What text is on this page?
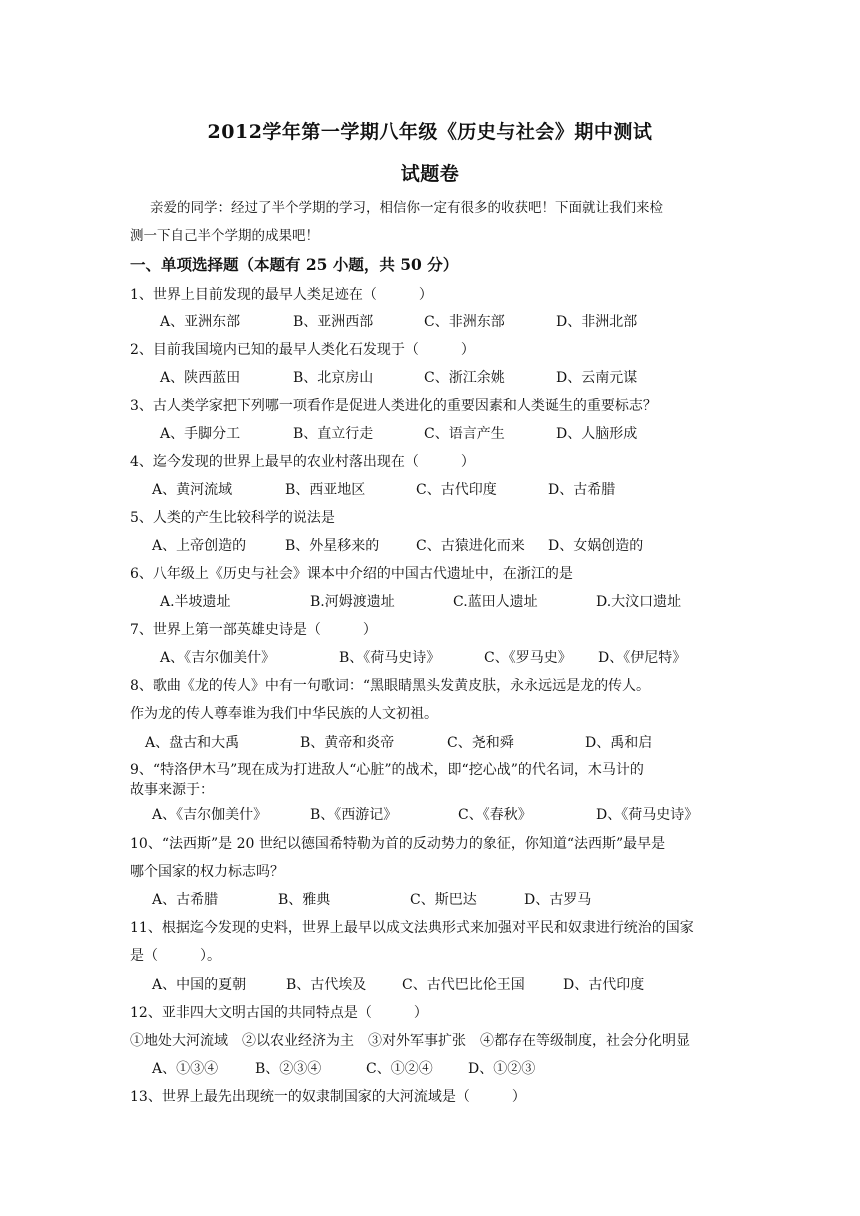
2012学年第一学期八年级《历史与社会》期中测试
试题卷
亲爱的同学：经过了半个学期的学习，相信你一定有很多的收获吧！下面就让我们来检
测一下自己半个学期的成果吧！
一、单项选择题（本题有 25 小题，共 50 分）
1、世界上目前发现的最早人类足迹在（　　　）
A、亚洲东部	B、亚洲西部	C、非洲东部	D、非洲北部
2、目前我国境内已知的最早人类化石发现于（　　　）
A、陕西蓝田	B、北京房山	C、浙江余姚	D、云南元谋
3、古人类学家把下列哪一项看作是促进人类进化的重要因素和人类诞生的重要标志？
A、手脚分工	B、直立行走	C、语言产生	D、人脑形成
4、迄今发现的世界上最早的农业村落出现在（　　　）
A、黄河流域	B、西亚地区	C、古代印度	D、古希腊
5、人类的产生比较科学的说法是
A、上帝创造的	B、外星移来的	C、古猿进化而来 D、女娲创造的
6、八年级上《历史与社会》课本中介绍的中国古代遗址中，在浙江的是
A.半坡遗址	B.河姆渡遗址	C.蓝田人遗址	D.大汶口遗址
7、世界上第一部英雄史诗是（　　　）
A、《吉尔伽美什》	B、《荷马史诗》	C、《罗马史》 D、《伊尼特》
8、歌曲《龙的传人》中有一句歌词：“黑眼睛黑头发黄皮肤，永永远远是龙的传人。
作为龙的传人尊奉谁为我们中华民族的人文初祖。
A、盘古和大禹	B、黄帝和炎帝	C、尧和舜	D、禹和启
9、“特洛伊木马”现在成为打进敌人“心脏”的战术，即“挖心战”的代名词，木马计的
故事来源于：
A、《吉尔伽美什》	B、《西游记》	C、《春秋》	D、《荷马史诗》
10、“法西斯”是 20 世纪以德国希特勒为首的反动势力的象征，你知道“法西斯”最早是
哪个国家的权力标志吗？
A、古希腊	B、雅典	C、斯巴达	D、古罗马
11、根据迄今发现的史料，世界上最早以成文法典形式来加强对平民和奴隶进行统治的国家
是（　　　）。
A、中国的夏朝	B、古代埃及	C、古代巴比伦王国	D、古代印度
12、亚非四大文明古国的共同特点是（　　　）
①地处大河流域　②以农业经济为主　③对外军事扩张　④都存在等级制度，社会分化明显
A、①③④	B、②③④	C、①②④	D、①②③
13、世界上最先出现统一的奴隶制国家的大河流域是（　　　）
